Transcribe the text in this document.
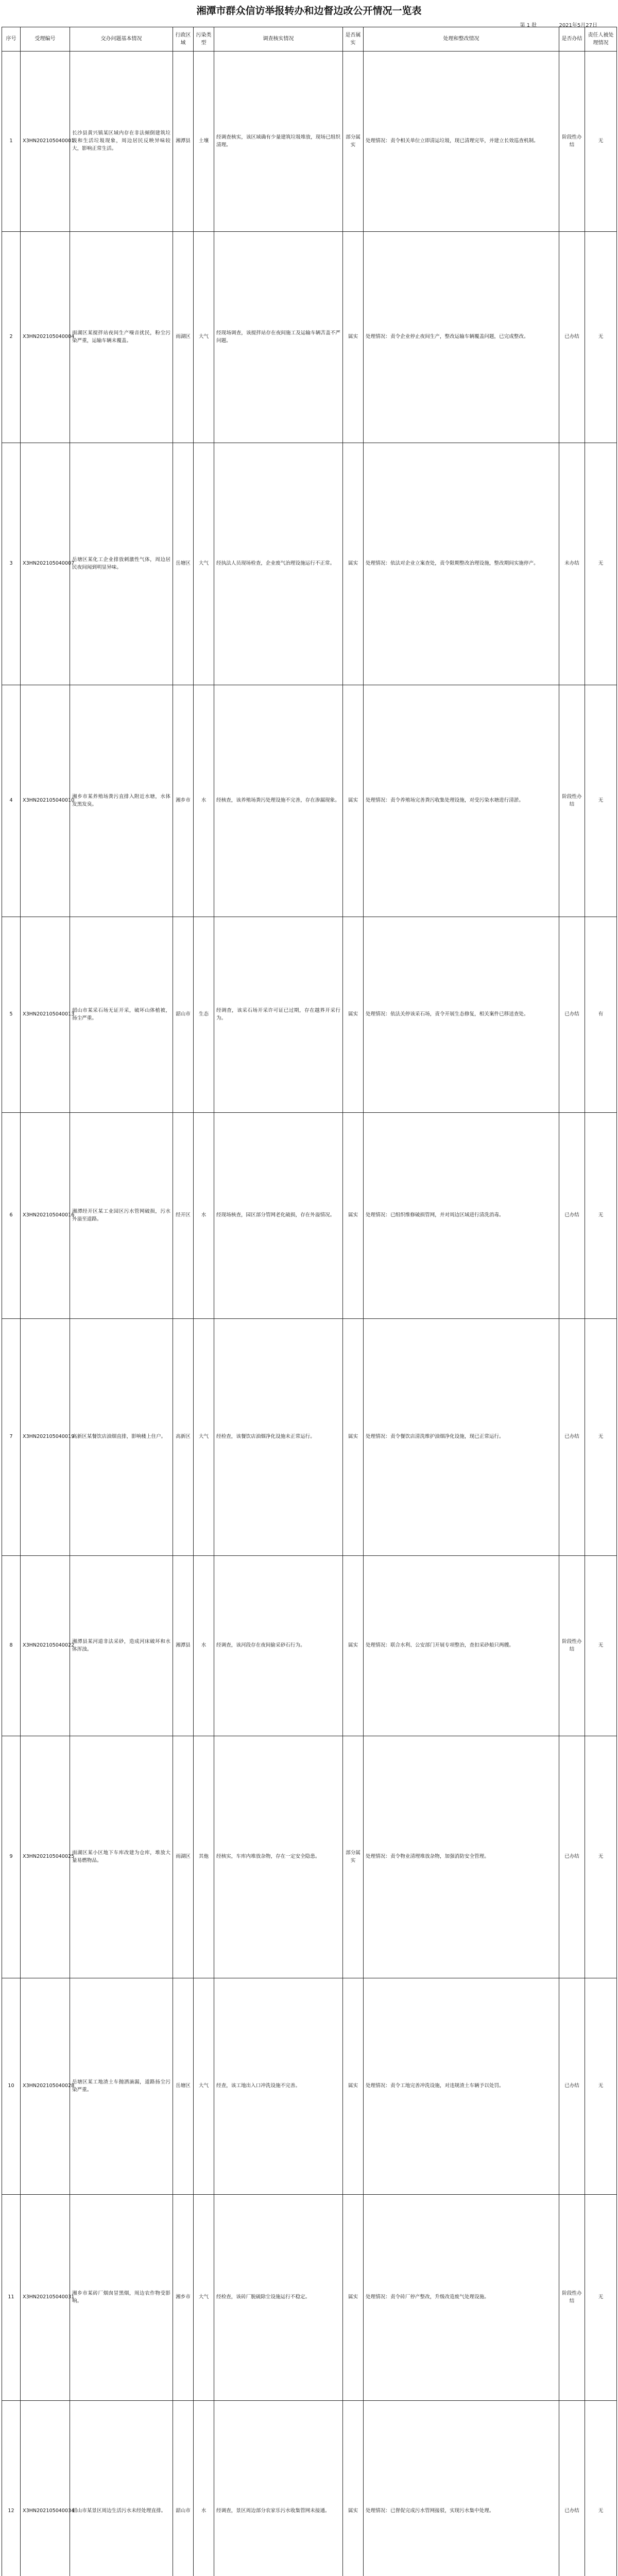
湘潭市群众信访举报转办和边督边改公开情况一览表
第 1 批	2021年5月27日
序号	受理编号	交办问题基本情况	行政区域	污染类型	调查核实情况	是否属实	处理和整改情况	是否办结	责任人被处理情况
1	X3HN202105040001	长沙县黄兴镇某区域内存在非法倾倒建筑垃圾和生活垃圾现象，周边居民反映异味较大，影响正常生活。	湘潭县	土壤	经调查核实，该区域确有少量建筑垃圾堆放，现场已组织清理。	部分属实	处理情况：责令相关单位立即清运垃圾，现已清理完毕，并建立长效巡查机制。	阶段性办结	无
2	X3HN202105040004	雨湖区某搅拌站夜间生产噪音扰民，粉尘污染严重，运输车辆未覆盖。	雨湖区	大气	经现场调查，该搅拌站存在夜间施工及运输车辆苫盖不严问题。	属实	处理情况：责令企业停止夜间生产，整改运输车辆覆盖问题，已完成整改。	已办结	无
3	X3HN202105040007	岳塘区某化工企业排放刺激性气体，周边居民夜间闻到明显异味。	岳塘区	大气	经执法人员现场检查，企业废气治理设施运行不正常。	属实	处理情况：依法对企业立案查处，责令限期整改治理设施，整改期间实施停产。	未办结	无
4	X3HN202105040010	湘乡市某养殖场粪污直排入附近水塘，水体发黑发臭。	湘乡市	水	经核查，该养殖场粪污处理设施不完善，存在渗漏现象。	属实	处理情况：责令养殖场完善粪污收集处理设施，对受污染水塘进行清淤。	阶段性办结	无
5	X3HN202105040013	韶山市某采石场无证开采，破坏山体植被，扬尘严重。	韶山市	生态	经调查，该采石场开采许可证已过期，存在越界开采行为。	属实	处理情况：依法关停该采石场，责令开展生态修复，相关案件已移送查处。	已办结	有
6	X3HN202105040016	湘潭经开区某工业园区污水管网破损，污水外溢至道路。	经开区	水	经现场核查，园区部分管网老化破损，存在外溢情况。	属实	处理情况：已组织维修破损管网，并对周边区域进行清洗消毒。	已办结	无
7	X3HN202105040019	高新区某餐饮店油烟直排，影响楼上住户。	高新区	大气	经检查，该餐饮店油烟净化设施未正常运行。	属实	处理情况：责令餐饮店清洗维护油烟净化设施，现已正常运行。	已办结	无
8	X3HN202105040022	湘潭县某河道非法采砂，造成河床破坏和水体浑浊。	湘潭县	水	经调查，该河段存在夜间偷采砂石行为。	属实	处理情况：联合水利、公安部门开展专项整治，查扣采砂船只两艘。	阶段性办结	无
9	X3HN202105040025	雨湖区某小区地下车库改建为仓库，堆放大量易燃物品。	雨湖区	其他	经核实，车库内堆放杂物，存在一定安全隐患。	部分属实	处理情况：责令物业清理堆放杂物，加强消防安全管理。	已办结	无
10	X3HN202105040028	岳塘区某工地渣土车抛洒滴漏，道路扬尘污染严重。	岳塘区	大气	经查，该工地出入口冲洗设施不完善。	属实	处理情况：责令工地完善冲洗设施，对违规渣土车辆予以处罚。	已办结	无
11	X3HN202105040031	湘乡市某砖厂烟囱冒黑烟，周边农作物受影响。	湘乡市	大气	经检查，该砖厂脱硫除尘设施运行不稳定。	属实	处理情况：责令砖厂停产整改，升级改造废气处理设施。	阶段性办结	无
12	X3HN202105040034	韶山市某景区周边生活污水未经处理直排。	韶山市	水	经调查，景区周边部分农家乐污水收集管网未接通。	属实	处理情况：已督促完成污水管网接驳，实现污水集中处理。	已办结	无
